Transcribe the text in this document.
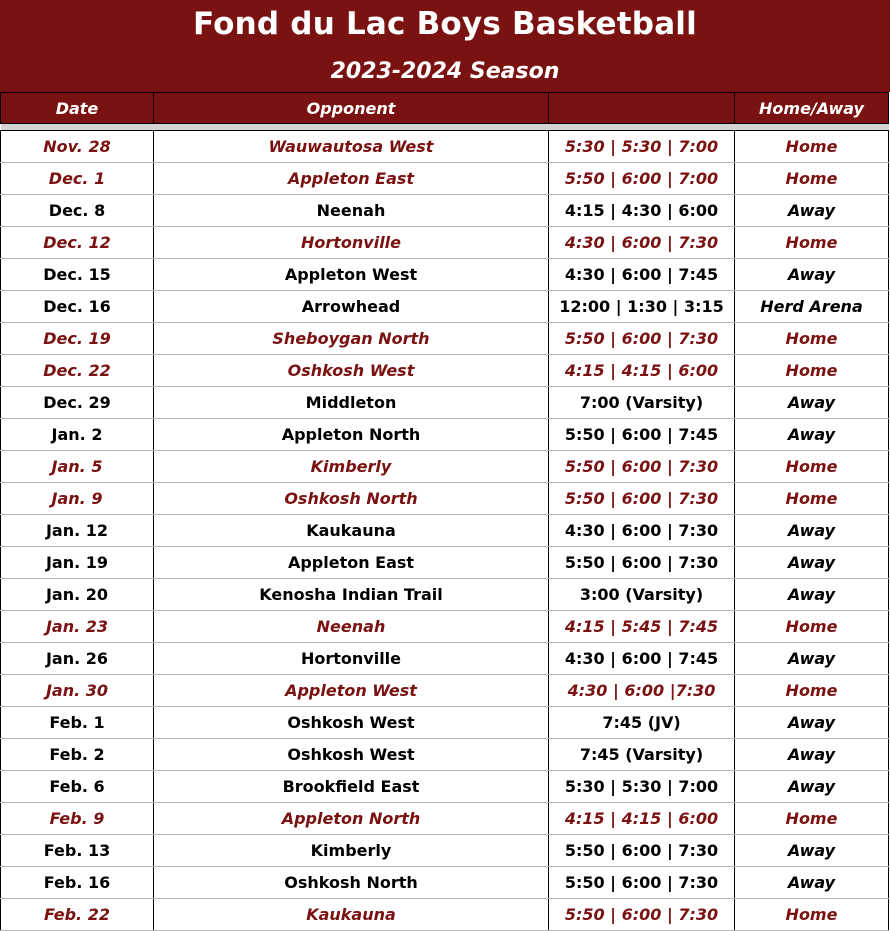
Fond du Lac Boys Basketball
2023-2024 Season
Date	Opponent		Home/Away

Nov. 28	Wauwautosa West	5:30 | 5:30 | 7:00	Home
Dec. 1	Appleton East	5:50 | 6:00 | 7:00	Home
Dec. 8	Neenah	4:15 | 4:30 | 6:00	Away
Dec. 12	Hortonville	4:30 | 6:00 | 7:30	Home
Dec. 15	Appleton West	4:30 | 6:00 | 7:45	Away
Dec. 16	Arrowhead	12:00 | 1:30 | 3:15	Herd Arena
Dec. 19	Sheboygan North	5:50 | 6:00 | 7:30	Home
Dec. 22	Oshkosh West	4:15 | 4:15 | 6:00	Home
Dec. 29	Middleton	7:00 (Varsity)	Away
Jan. 2	Appleton North	5:50 | 6:00 | 7:45	Away
Jan. 5	Kimberly	5:50 | 6:00 | 7:30	Home
Jan. 9	Oshkosh North	5:50 | 6:00 | 7:30	Home
Jan. 12	Kaukauna	4:30 | 6:00 | 7:30	Away
Jan. 19	Appleton East	5:50 | 6:00 | 7:30	Away
Jan. 20	Kenosha Indian Trail	3:00 (Varsity)	Away
Jan. 23	Neenah	4:15 | 5:45 | 7:45	Home
Jan. 26	Hortonville	4:30 | 6:00 | 7:45	Away
Jan. 30	Appleton West	4:30 | 6:00 |7:30	Home
Feb. 1	Oshkosh West	7:45 (JV)	Away
Feb. 2	Oshkosh West	7:45 (Varsity)	Away
Feb. 6	Brookfield East	5:30 | 5:30 | 7:00	Away
Feb. 9	Appleton North	4:15 | 4:15 | 6:00	Home
Feb. 13	Kimberly	5:50 | 6:00 | 7:30	Away
Feb. 16	Oshkosh North	5:50 | 6:00 | 7:30	Away
Feb. 22	Kaukauna	5:50 | 6:00 | 7:30	Home
